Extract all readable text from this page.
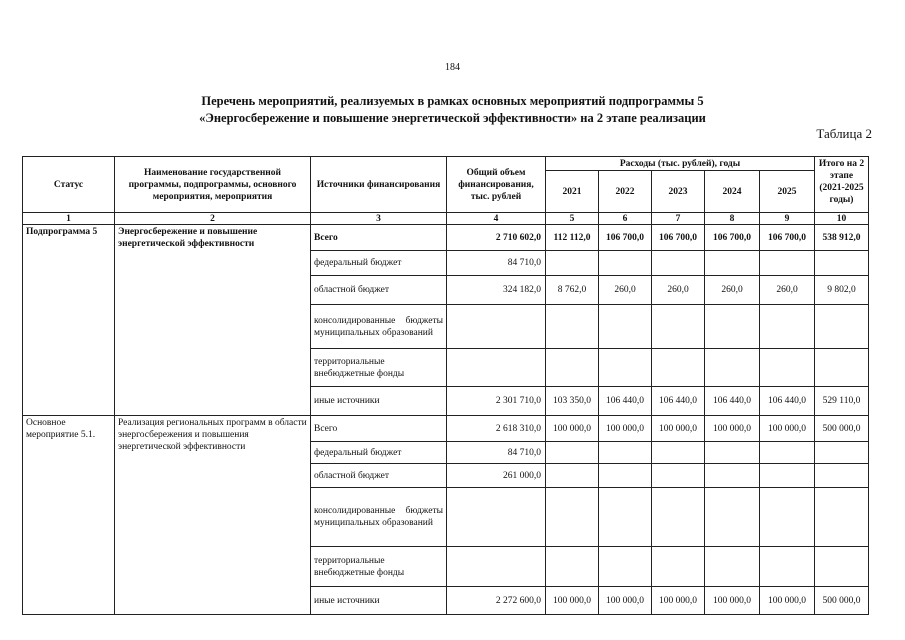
184
Перечень мероприятий, реализуемых в рамках основных мероприятий подпрограммы 5
«Энергосбережение и повышение энергетической эффективности» на 2 этапе реализации
Таблица 2
Статус	Наименование государственной программы, подпрограммы, основного мероприятия, мероприятия	Источники финансирования	Общий объем финансирования, тыс. рублей	Расходы (тыс. рублей), годы					Итого на 2 этапе (2021-2025 годы)
				2021	2022	2023	2024	2025	
1	2	3	4	5	6	7	8	9	10
Подпрограмма 5	Энергосбережение и повышение энергетической эффективности	Всего	2 710 602,0	112 112,0	106 700,0	106 700,0	106 700,0	106 700,0	538 912,0
		федеральный бюджет	84 710,0						
		областной бюджет	324 182,0	8 762,0	260,0	260,0	260,0	260,0	9 802,0
		консолидированные бюджеты муниципальных образований							
		территориальные внебюджетные фонды							
		иные источники	2 301 710,0	103 350,0	106 440,0	106 440,0	106 440,0	106 440,0	529 110,0
Основное мероприятие 5.1.	Реализация региональных программ в области энергосбережения и повышения энергетической эффективности	Всего	2 618 310,0	100 000,0	100 000,0	100 000,0	100 000,0	100 000,0	500 000,0
		федеральный бюджет	84 710,0						
		областной бюджет	261 000,0						
		консолидированные бюджеты муниципальных образований							
		территориальные внебюджетные фонды							
		иные источники	2 272 600,0	100 000,0	100 000,0	100 000,0	100 000,0	100 000,0	500 000,0
